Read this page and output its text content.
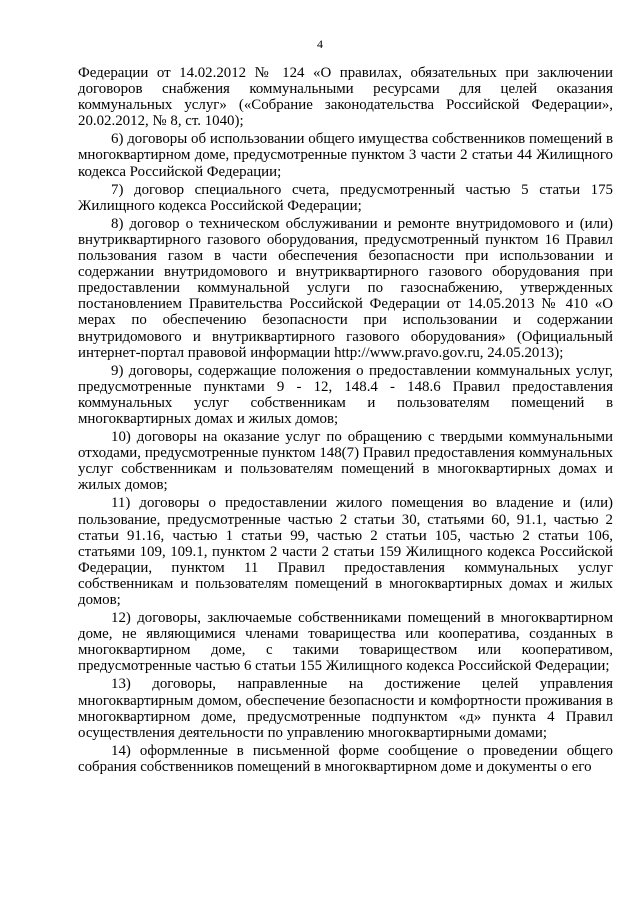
4

Федерации от 14.02.2012 № 124 «О правилах, обязательных при заключении договоров снабжения коммунальными ресурсами для целей оказания коммунальных услуг» («Собрание законодательства Российской Федерации», 20.02.2012, № 8, ст. 1040);

6) договоры об использовании общего имущества собственников помещений в многоквартирном доме, предусмотренные пунктом 3 части 2 статьи 44 Жилищного кодекса Российской Федерации;

7) договор специального счета, предусмотренный частью 5 статьи 175 Жилищного кодекса Российской Федерации;

8) договор о техническом обслуживании и ремонте внутридомового и (или) внутриквартирного газового оборудования, предусмотренный пунктом 16 Правил пользования газом в части обеспечения безопасности при использовании и содержании внутридомового и внутриквартирного газового оборудования при предоставлении коммунальной услуги по газоснабжению, утвержденных постановлением Правительства Российской Федерации от 14.05.2013 № 410 «О мерах по обеспечению безопасности при использовании и содержании внутридомового и внутриквартирного газового оборудования» (Официальный интернет-портал правовой информации http://www.pravo.gov.ru, 24.05.2013);

9) договоры, содержащие положения о предоставлении коммунальных услуг, предусмотренные пунктами 9 - 12, 148.4 - 148.6 Правил предоставления коммунальных услуг собственникам и пользователям помещений в многоквартирных домах и жилых домов;

10) договоры на оказание услуг по обращению с твердыми коммунальными отходами, предусмотренные пунктом 148(7) Правил предоставления коммунальных услуг собственникам и пользователям помещений в многоквартирных домах и жилых домов;

11) договоры о предоставлении жилого помещения во владение и (или) пользование, предусмотренные частью 2 статьи 30, статьями 60, 91.1, частью 2 статьи 91.16, частью 1 статьи 99, частью 2 статьи 105, частью 2 статьи 106, статьями 109, 109.1, пунктом 2 части 2 статьи 159 Жилищного кодекса Российской Федерации, пунктом 11 Правил предоставления коммунальных услуг собственникам и пользователям помещений в многоквартирных домах и жилых домов;

12) договоры, заключаемые собственниками помещений в многоквартирном доме, не являющимися членами товарищества или кооператива, созданных в многоквартирном доме, с такими товариществом или кооперативом, предусмотренные частью 6 статьи 155 Жилищного кодекса Российской Федерации;

13) договоры, направленные на достижение целей управления многоквартирным домом, обеспечение безопасности и комфортности проживания в многоквартирном доме, предусмотренные подпунктом «д» пункта 4 Правил осуществления деятельности по управлению многоквартирными домами;

14) оформленные в письменной форме сообщение о проведении общего собрания собственников помещений в многоквартирном доме и документы о его
